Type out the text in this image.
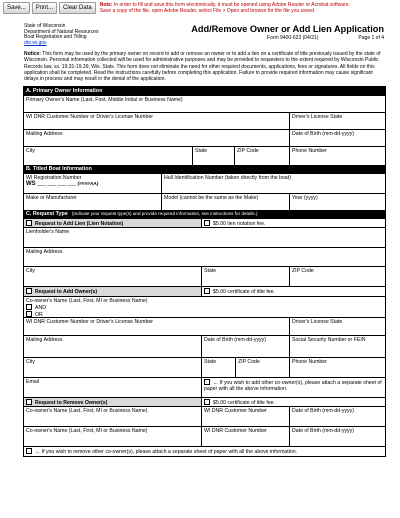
Save...	Print...	Clear Data	Note: In order to fill and save this form electronically, it must be opened using Adobe Reader or Acrobat software.
Save a copy of the file, open Adobe Reader, select File > Open and browse for the file you saved.
State of Wisconsin
Department of Natural Resources
Boat Registration and Titling
dnr.wi.gov
Add/Remove Owner or Add Lien Application
Form 9400-623 (04/21)	Page 1 of 4
Notice: This form may be used by the primary owner on record to add or remove an owner or to add a lien on a certificate of title previously issued by the state of Wisconsin. Personal information collected will be used for administrative purposes and may be provided to requesters to the extent required by Wisconsin Public Records law, ss. 19.31-19.39, Wis. Stats. This form does not eliminate the need for other required documents, applications, fees or signatures. All fields on this application shall be completed. Read the instructions carefully before completing this application. Failure to provide required information may cause significant delays in process and may result in the denial of the application.
A. Primary Owner Information
Primary Owner's Name (Last, First, Middle Initial or Business Name)
WI DNR Customer Number or Driver's License Number	Driver's License State
Mailing Address	Date of Birth (mm-dd-yyyy)
City	State	ZIP Code	Phone Number
B. Titled Boat Information
WI Registration Number
WS ___ ___ ___ ___ (####AA)
Hull Identification Number (taken directly from the boat)
Make or Manufacturer	Model (cannot be the same as the Make)	Year (yyyy)
C. Request Type (Indicate your request type(s) and provide required information, see instructions for details.)
Request to Add Lien (Lien Notation)	$5.00 lien notation fee.
Lienholder's Name
Mailing Address
City	State	ZIP Code
Request to Add Owner(s)	$5.00 certificate of title fee.
Co-owner's Name (Last, First, MI or Business Name)
AND
OR
WI DNR Customer Number or Driver's License Number	Driver's License State
Mailing Address	Date of Birth (mm-dd-yyyy)	Social Security Number or FEIN
City	State	ZIP Code	Phone Number
Email	← If you wish to add other co-owner(s), please attach a separate sheet of paper with all the above information.
Request to Remove Owner(s)	$5.00 certificate of title fee.
Co-owner's Name (Last, First, MI or Business Name)	WI DNR Customer Number	Date of Birth (mm-dd-yyyy)
Co-owner's Name (Last, First, MI or Business Name)	WI DNR Customer Number	Date of Birth (mm-dd-yyyy)
← If you wish to remove other co-owner(s), please attach a separate sheet of paper with all the above information.
